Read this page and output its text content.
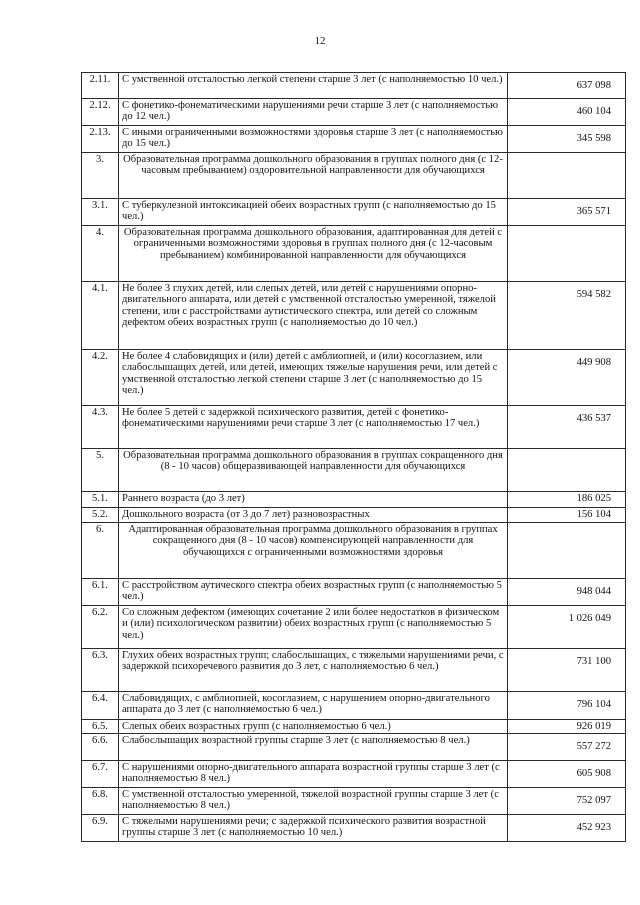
12
2.11.	С умственной отсталостью легкой степени старше 3 лет (с наполняемостью 10 чел.)	637 098
2.12.	С фонетико-фонематическими нарушениями речи старше 3 лет (с наполняемостью до 12 чел.)	460 104
2.13.	С иными ограниченными возможностями здоровья старше 3 лет (с наполняемостью до 15 чел.)	345 598
3.	Образовательная программа дошкольного образования в группах полного дня (с 12-часовым пребыванием) оздоровительной направленности для обучающихся	
3.1.	С туберкулезной интоксикацией обеих возрастных групп (с наполняемостью до 15 чел.)	365 571
4.	Образовательная программа дошкольного образования, адаптированная для детей с ограниченными возможностями здоровья в группах полного дня (с 12-часовым пребыванием) комбинированной направленности для обучающихся	
4.1.	Не более 3 глухих детей, или слепых детей, или детей с нарушениями опорно-двигательного аппарата, или детей с умственной отсталостью умеренной, тяжелой степени, или с расстройствами аутистического спектра, или детей со сложным дефектом обеих возрастных групп (с наполняемостью до 10 чел.)	594 582
4.2.	Не более 4 слабовидящих и (или) детей с амблиопией, и (или) косоглазием, или слабослышащих детей, или детей, имеющих тяжелые нарушения речи, или детей с умственной отсталостью легкой степени старше 3 лет (с наполняемостью до 15 чел.)	449 908
4.3.	Не более 5 детей с задержкой психического развития, детей с фонетико-фонематическими нарушениями речи старше 3 лет (с наполняемостью 17 чел.)	436 537
5.	Образовательная программа дошкольного образования в группах сокращенного дня (8 - 10 часов) общеразвивающей направленности для обучающихся	
5.1.	Раннего возраста (до 3 лет)	186 025
5.2.	Дошкольного возраста (от 3 до 7 лет) разновозрастных	156 104
6.	Адаптированная образовательная программа дошкольного образования в группах сокращенного дня (8 - 10 часов) компенсирующей направленности для обучающихся с ограниченными возможностями здоровья	
6.1.	С расстройством аутического спектра обеих возрастных групп (с наполняемостью 5 чел.)	948 044
6.2.	Со сложным дефектом (имеющих сочетание 2 или более недостатков в физическом и (или) психологическом развитии) обеих возрастных групп (с наполняемостью 5 чел.)	1 026 049
6.3.	Глухих обеих возрастных групп; слабослышащих, с тяжелыми нарушениями речи, с задержкой психоречевого развития до 3 лет, с наполняемостью 6 чел.)	731 100
6.4.	Слабовидящих, с амблиопией, косоглазием, с нарушением опорно-двигательного аппарата до 3 лет (с наполняемостью 6 чел.)	796 104
6.5.	Слепых обеих возрастных групп (с наполняемостью 6 чел.)	926 019
6.6.	Слабослышащих возрастной группы старше 3 лет (с наполняемостью 8 чел.)	557 272
6.7.	С нарушениями опорно-двигательного аппарата возрастной группы старше 3 лет (с наполняемостью 8 чел.)	605 908
6.8.	С умственной отсталостью умеренной, тяжелой возрастной группы старше 3 лет (с наполняемостью 8 чел.)	752 097
6.9.	С тяжелыми нарушениями речи; с задержкой психического развития возрастной группы старше 3 лет (с наполняемостью 10 чел.)	452 923
